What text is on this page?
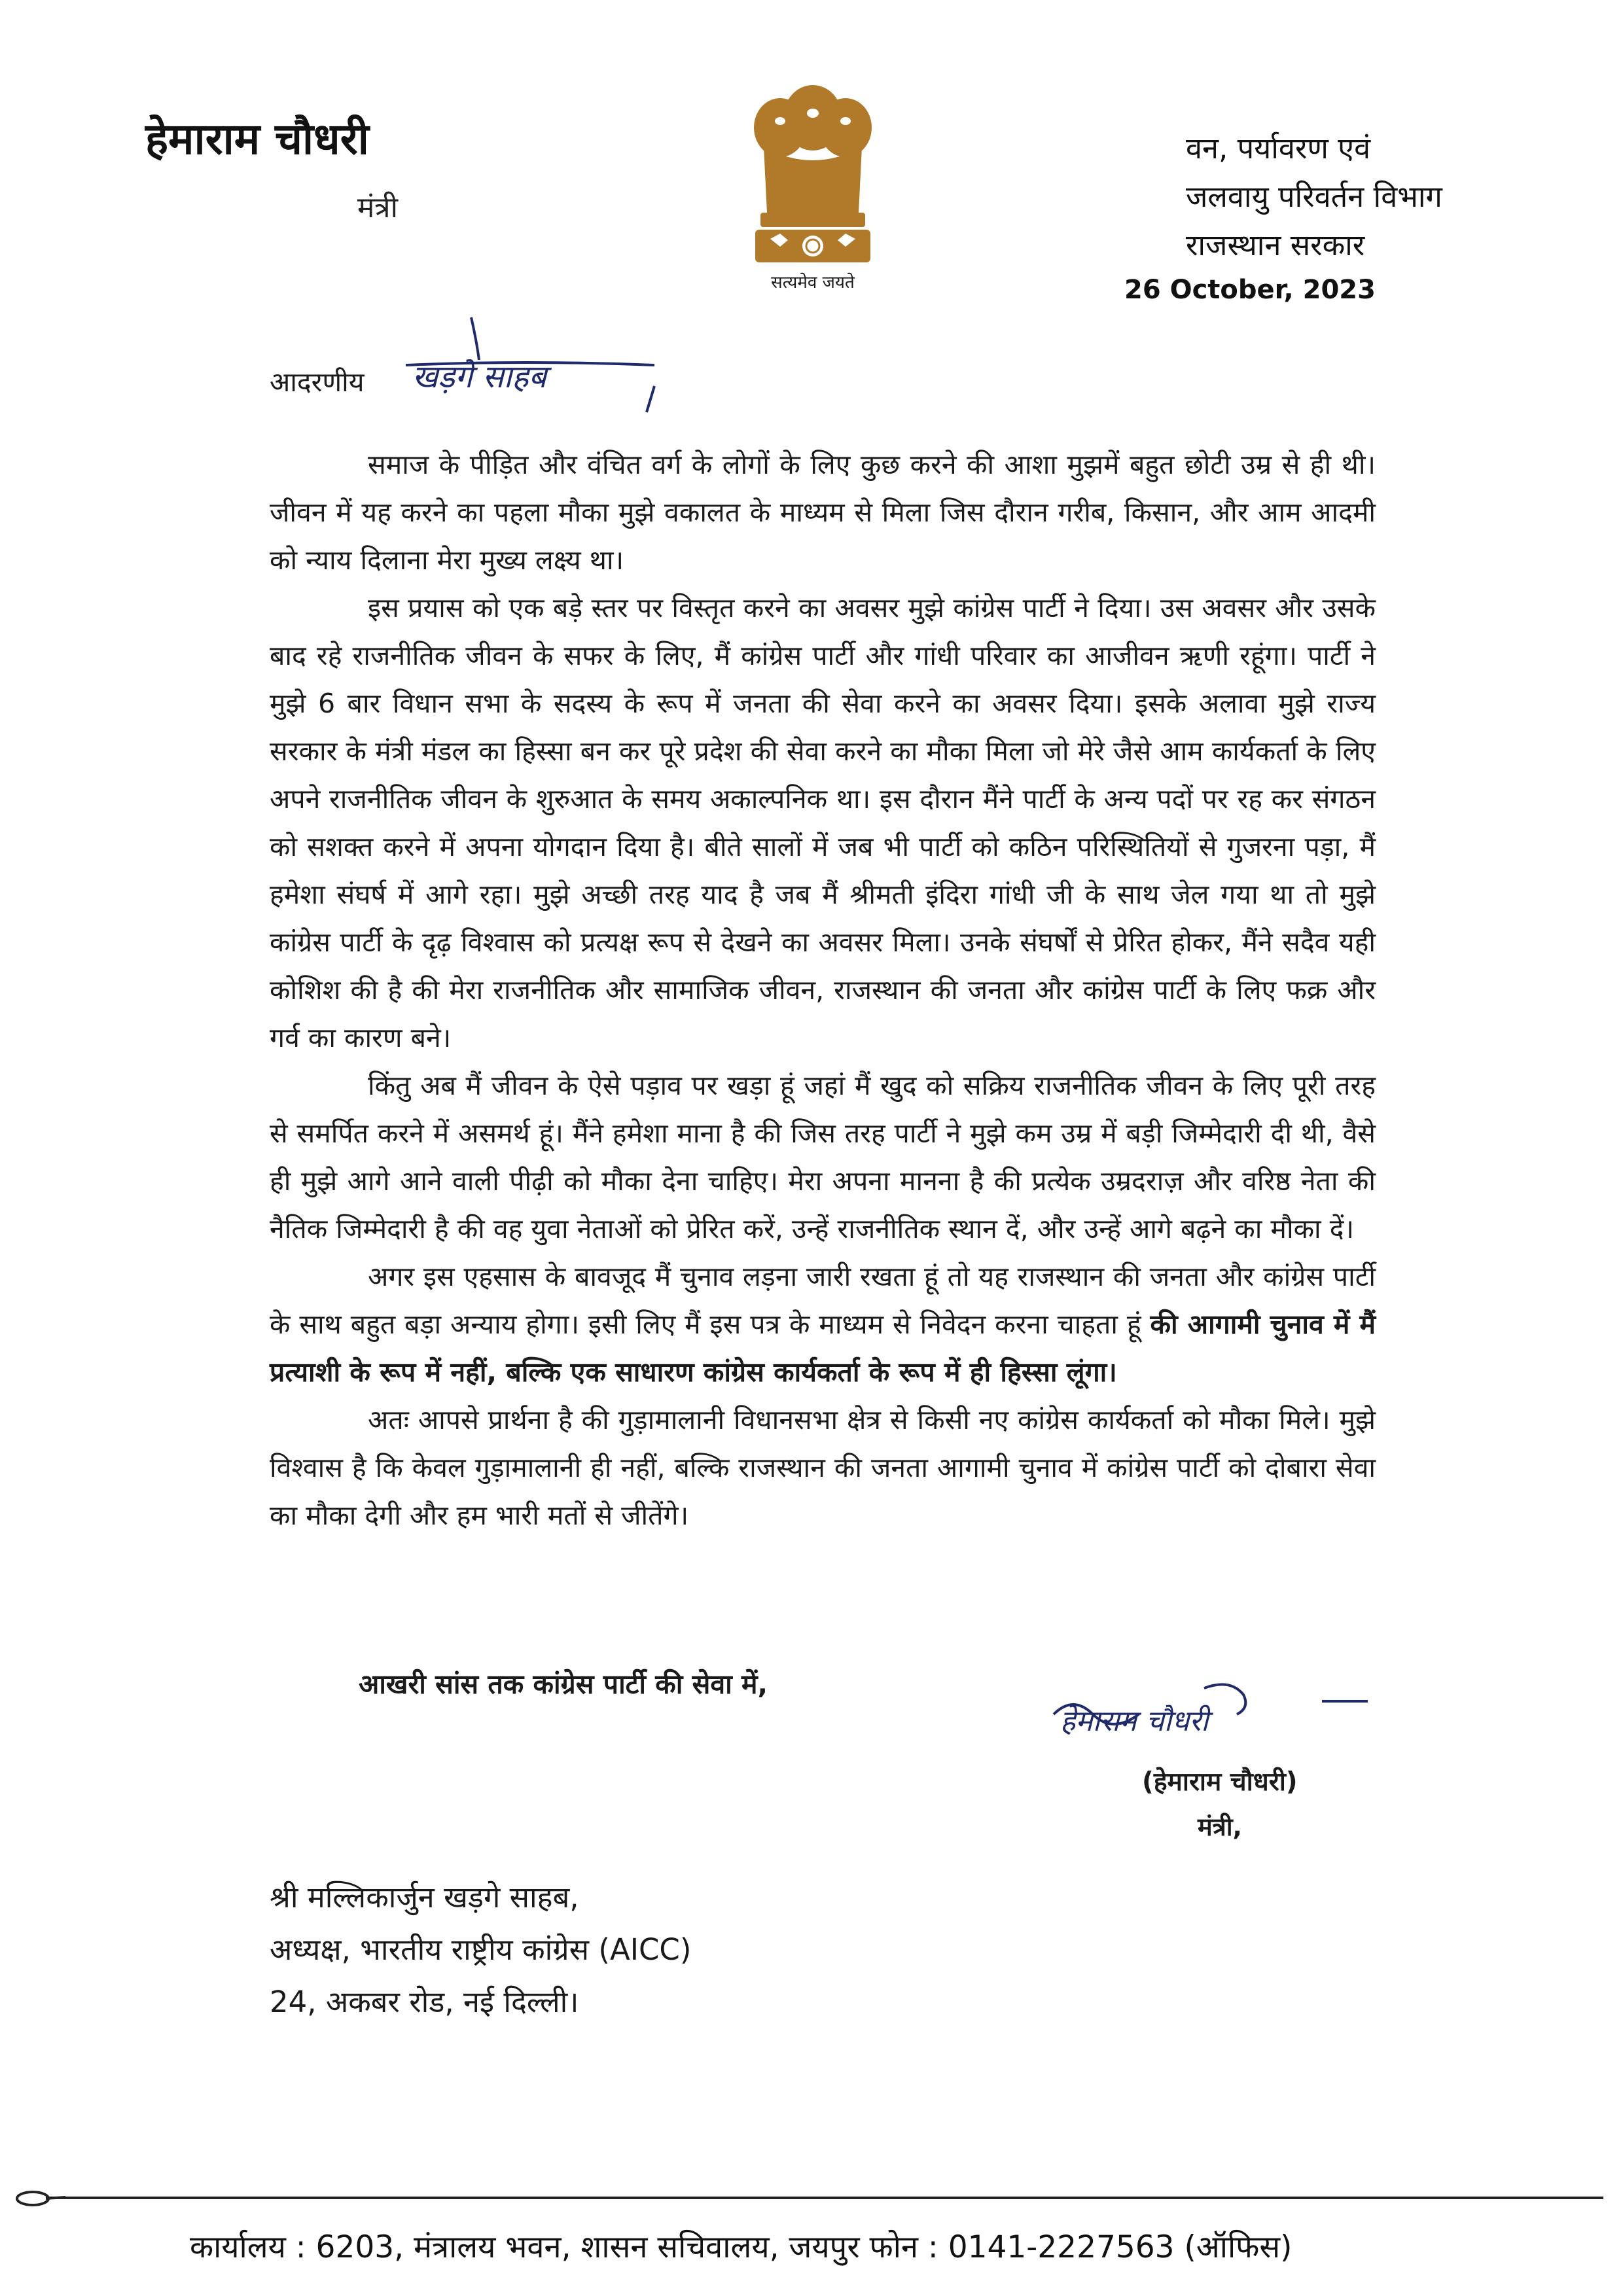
हेमाराम चौधरी
मंत्री
सत्यमेव जयते
वन, पर्यावरण एवं
जलवायु परिवर्तन विभाग
राजस्थान सरकार
26 October, 2023
आदरणीय खड़गे साहब

समाज के पीड़ित और वंचित वर्ग के लोगों के लिए कुछ करने की आशा मुझमें बहुत छोटी उम्र से ही थी। जीवन में यह करने का पहला मौका मुझे वकालत के माध्यम से मिला जिस दौरान गरीब, किसान, और आम आदमी को न्याय दिलाना मेरा मुख्य लक्ष्य था।

इस प्रयास को एक बड़े स्तर पर विस्तृत करने का अवसर मुझे कांग्रेस पार्टी ने दिया। उस अवसर और उसके बाद रहे राजनीतिक जीवन के सफर के लिए, मैं कांग्रेस पार्टी और गांधी परिवार का आजीवन ऋणी रहूंगा। पार्टी ने मुझे 6 बार विधान सभा के सदस्य के रूप में जनता की सेवा करने का अवसर दिया। इसके अलावा मुझे राज्य सरकार के मंत्री मंडल का हिस्सा बन कर पूरे प्रदेश की सेवा करने का मौका मिला जो मेरे जैसे आम कार्यकर्ता के लिए अपने राजनीतिक जीवन के शुरुआत के समय अकाल्पनिक था। इस दौरान मैंने पार्टी के अन्य पदों पर रह कर संगठन को सशक्त करने में अपना योगदान दिया है। बीते सालों में जब भी पार्टी को कठिन परिस्थितियों से गुजरना पड़ा, मैं हमेशा संघर्ष में आगे रहा। मुझे अच्छी तरह याद है जब मैं श्रीमती इंदिरा गांधी जी के साथ जेल गया था तो मुझे कांग्रेस पार्टी के दृढ़ विश्वास को प्रत्यक्ष रूप से देखने का अवसर मिला। उनके संघर्षों से प्रेरित होकर, मैंने सदैव यही कोशिश की है की मेरा राजनीतिक और सामाजिक जीवन, राजस्थान की जनता और कांग्रेस पार्टी के लिए फक्र और गर्व का कारण बने।

किंतु अब मैं जीवन के ऐसे पड़ाव पर खड़ा हूं जहां मैं खुद को सक्रिय राजनीतिक जीवन के लिए पूरी तरह से समर्पित करने में असमर्थ हूं। मैंने हमेशा माना है की जिस तरह पार्टी ने मुझे कम उम्र में बड़ी जिम्मेदारी दी थी, वैसे ही मुझे आगे आने वाली पीढ़ी को मौका देना चाहिए। मेरा अपना मानना है की प्रत्येक उम्रदराज़ और वरिष्ठ नेता की नैतिक जिम्मेदारी है की वह युवा नेताओं को प्रेरित करें, उन्हें राजनीतिक स्थान दें, और उन्हें आगे बढ़ने का मौका दें।

अगर इस एहसास के बावजूद मैं चुनाव लड़ना जारी रखता हूं तो यह राजस्थान की जनता और कांग्रेस पार्टी के साथ बहुत बड़ा अन्याय होगा। इसी लिए मैं इस पत्र के माध्यम से निवेदन करना चाहता हूं की आगामी चुनाव में मैं प्रत्याशी के रूप में नहीं, बल्कि एक साधारण कांग्रेस कार्यकर्ता के रूप में ही हिस्सा लूंगा।

अतः आपसे प्रार्थना है की गुड़ामालानी विधानसभा क्षेत्र से किसी नए कांग्रेस कार्यकर्ता को मौका मिले। मुझे विश्वास है कि केवल गुड़ामालानी ही नहीं, बल्कि राजस्थान की जनता आगामी चुनाव में कांग्रेस पार्टी को दोबारा सेवा का मौका देगी और हम भारी मतों से जीतेंगे।

आखरी सांस तक कांग्रेस पार्टी की सेवा में,
हेमाराम चौधरी
(हेमाराम चौधरी)
मंत्री,
श्री मल्लिकार्जुन खड़गे साहब,
अध्यक्ष, भारतीय राष्ट्रीय कांग्रेस (AICC)
24, अकबर रोड, नई दिल्ली।
कार्यालय : 6203, मंत्रालय भवन, शासन सचिवालय, जयपुर फोन : 0141-2227563 (ऑफिस)
